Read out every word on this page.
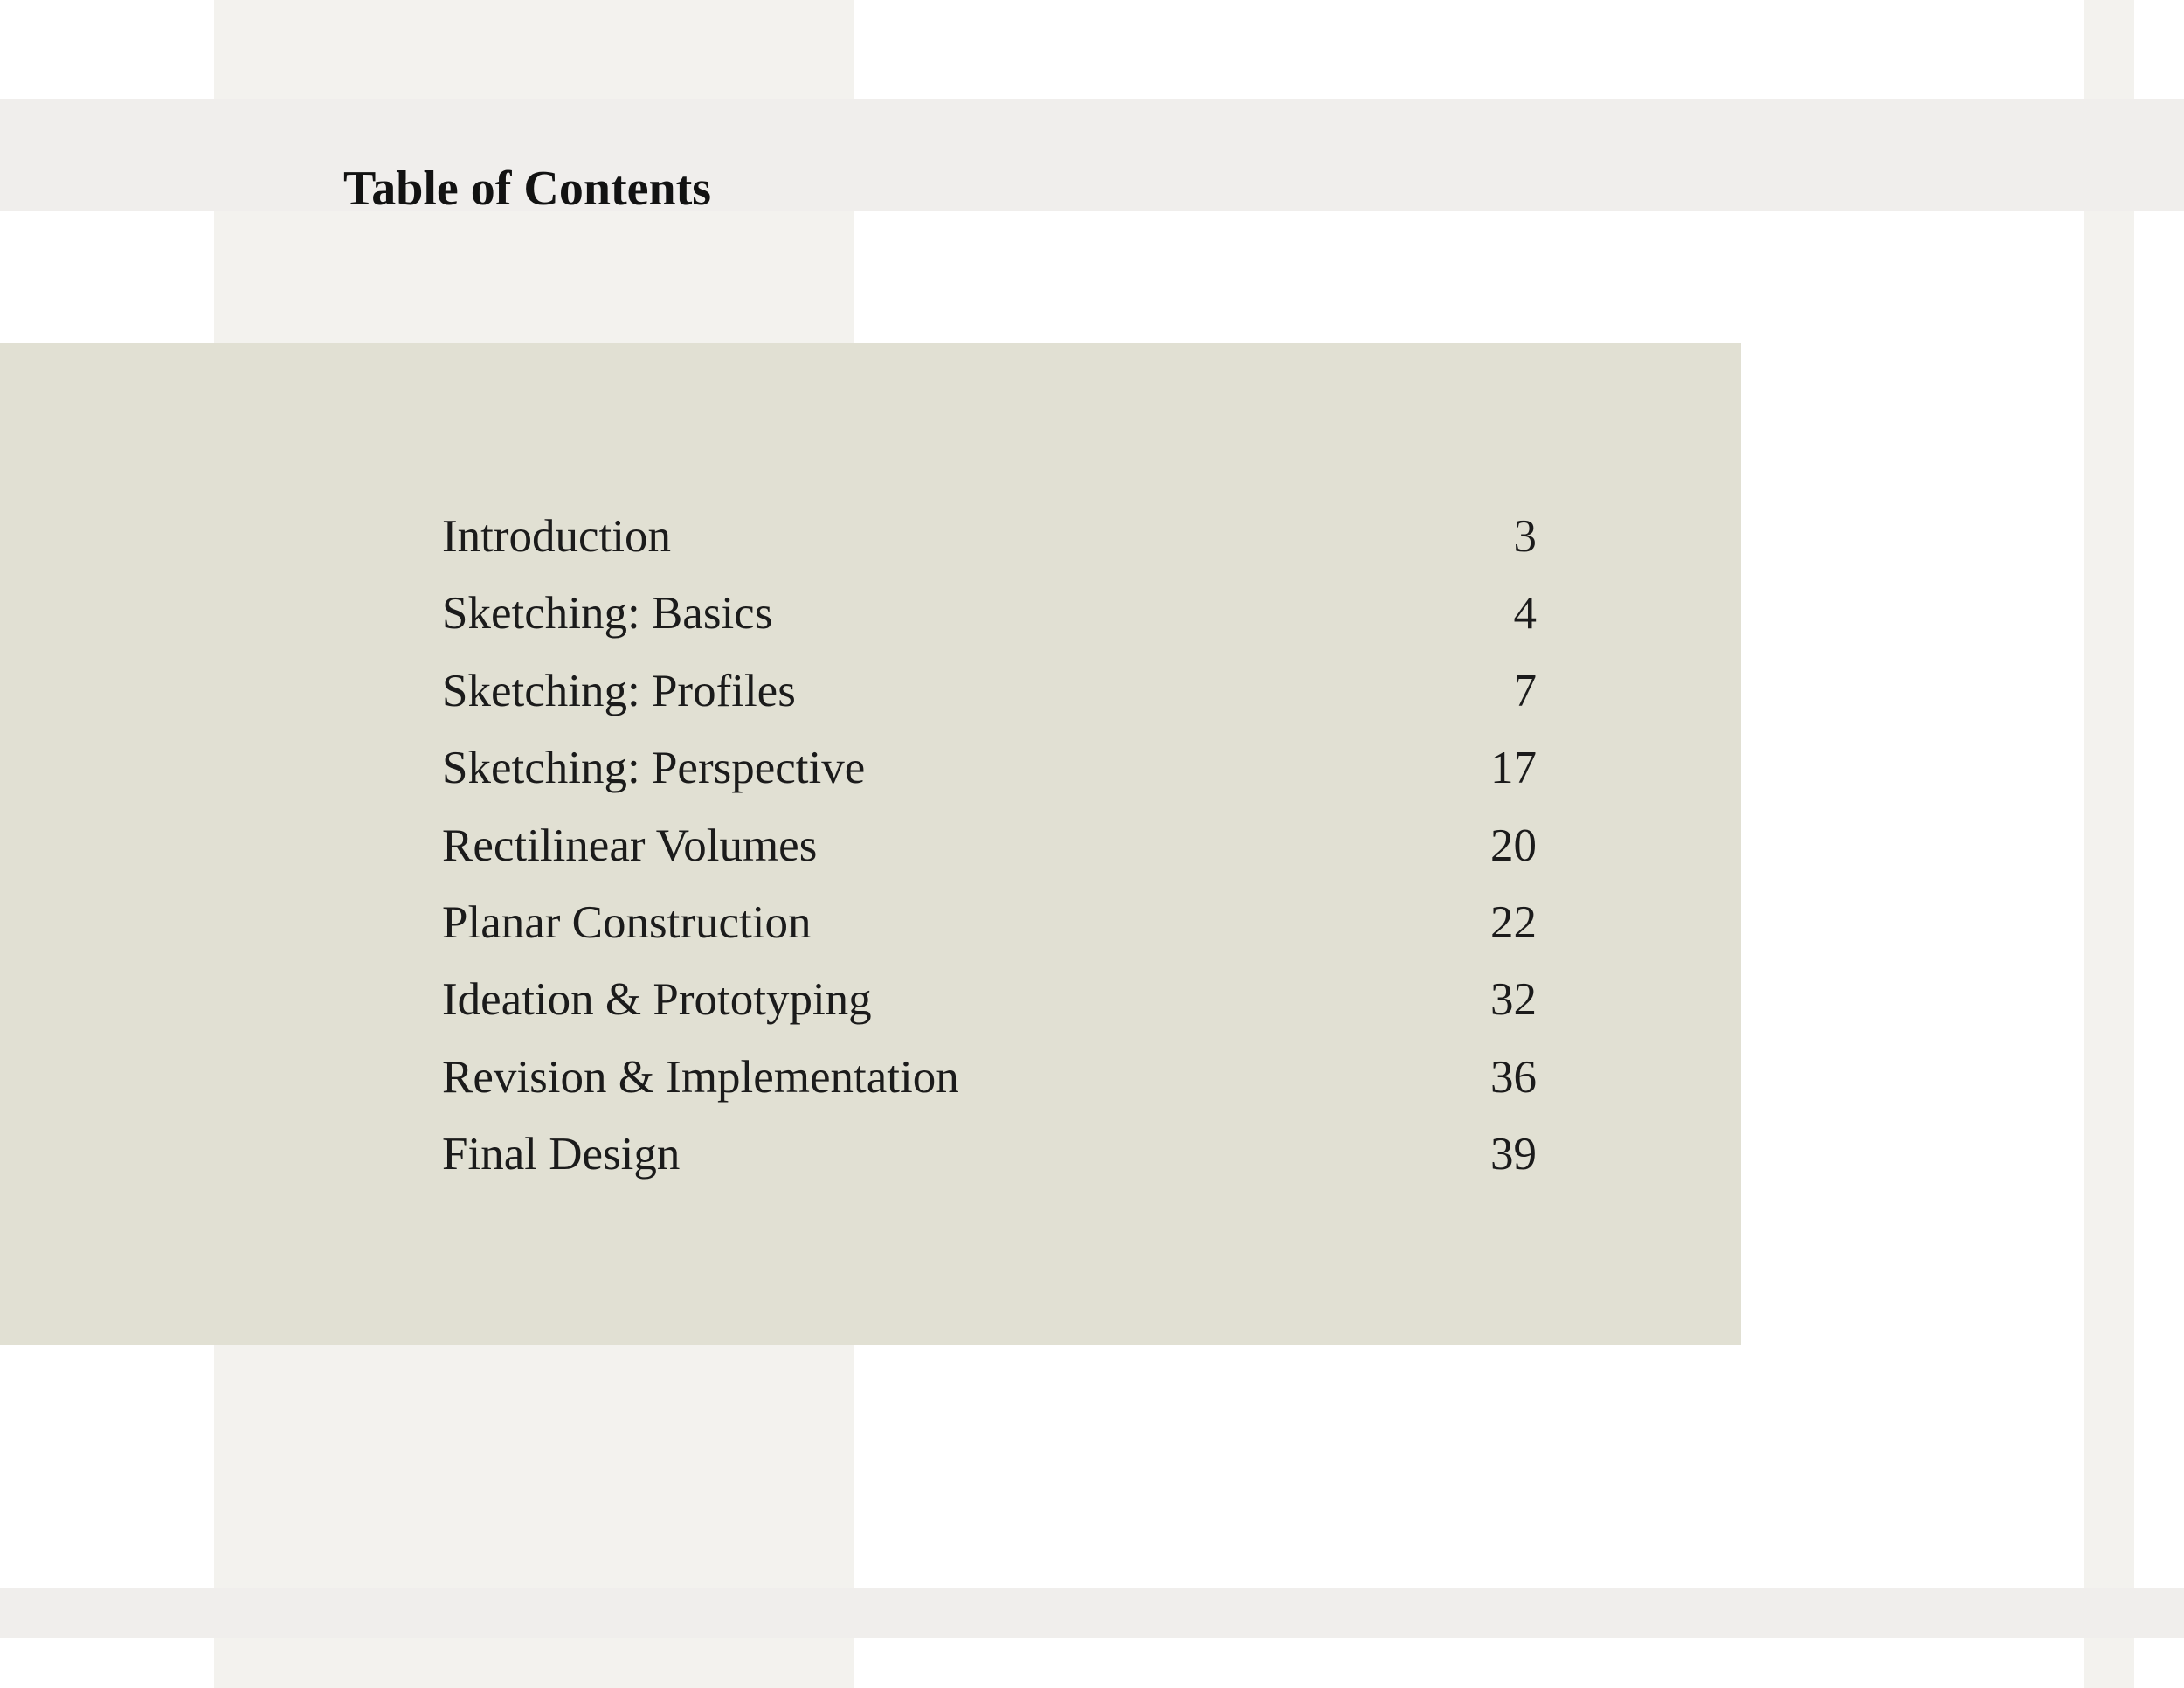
Table of Contents
Introduction	3
Sketching: Basics	4
Sketching: Profiles	7
Sketching: Perspective	17
Rectilinear Volumes	20
Planar Construction	22
Ideation & Prototyping	32
Revision & Implementation	36
Final Design	39
